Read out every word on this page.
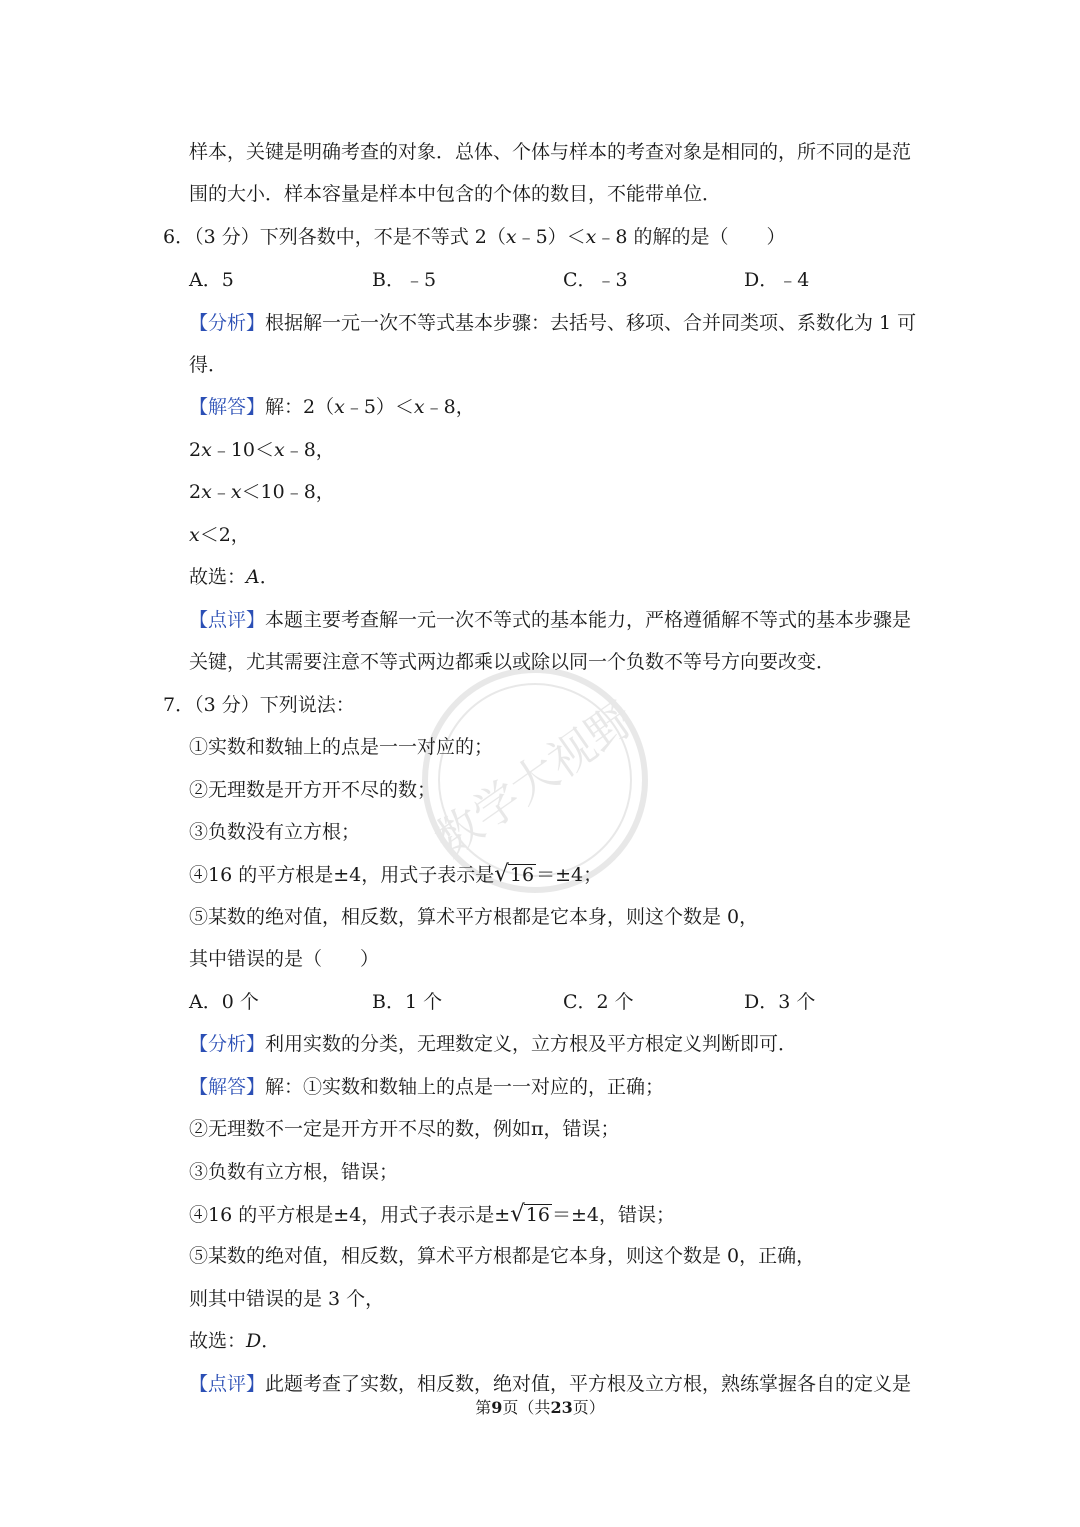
数学大视野
样本，关键是明确考查的对象．总体、个体与样本的考查对象是相同的，所不同的是范
围的大小．样本容量是样本中包含的个体的数目，不能带单位．
6．（3 分）下列各数中，不是不等式 2（x﹣5）＜x﹣8 的解的是（　　）
A．5	B．﹣5	C．﹣3	D．﹣4
【分析】根据解一元一次不等式基本步骤：去括号、移项、合并同类项、系数化为 1 可
得．
【解答】解：2（x﹣5）＜x﹣8，
2x﹣10＜x﹣8，
2x﹣x＜10﹣8，
x＜2，
故选：A．
【点评】本题主要考查解一元一次不等式的基本能力，严格遵循解不等式的基本步骤是
关键，尤其需要注意不等式两边都乘以或除以同一个负数不等号方向要改变．
7．（3 分）下列说法：
①实数和数轴上的点是一一对应的；
②无理数是开方开不尽的数；
③负数没有立方根；
④16 的平方根是±4，用式子表示是√16 ＝±4；
⑤某数的绝对值，相反数，算术平方根都是它本身，则这个数是 0，
其中错误的是（　　）
A．0 个	B．1 个	C．2 个	D．3 个
【分析】利用实数的分类，无理数定义，立方根及平方根定义判断即可．
【解答】解：①实数和数轴上的点是一一对应的，正确；
②无理数不一定是开方开不尽的数，例如π，错误；
③负数有立方根，错误；
④16 的平方根是±4，用式子表示是±√16 ＝±4，错误；
⑤某数的绝对值，相反数，算术平方根都是它本身，则这个数是 0，正确，
则其中错误的是 3 个，
故选：D．
【点评】此题考查了实数，相反数，绝对值，平方根及立方根，熟练掌握各自的定义是
第9页（共23页）
